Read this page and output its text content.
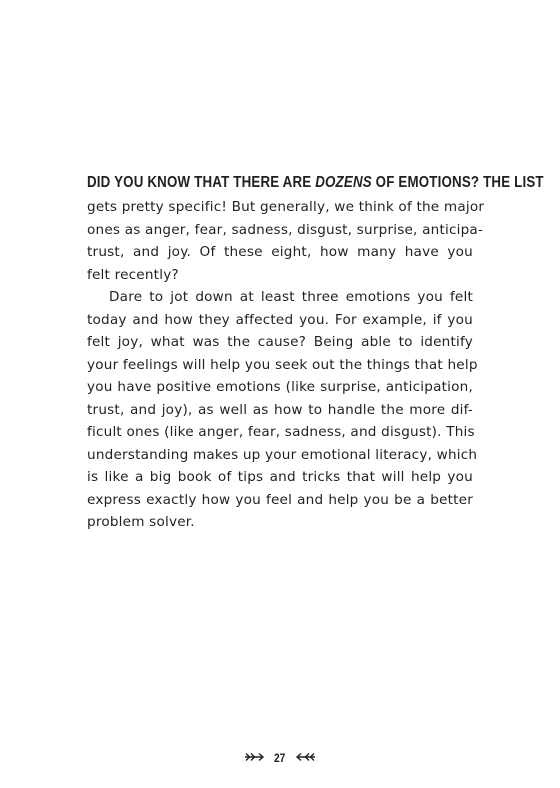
DID YOU KNOW THAT THERE ARE DOZENS OF EMOTIONS? THE LIST
gets pretty specific! But generally, we think of the major
ones as anger, fear, sadness, disgust, surprise, anticipa-
trust, and joy. Of these eight, how many have you
felt recently?
Dare to jot down at least three emotions you felt
today and how they affected you. For example, if you
felt joy, what was the cause? Being able to identify
your feelings will help you seek out the things that help
you have positive emotions (like surprise, anticipation,
trust, and joy), as well as how to handle the more dif-
ficult ones (like anger, fear, sadness, and disgust). This
understanding makes up your emotional literacy, which
is like a big book of tips and tricks that will help you
express exactly how you feel and help you be a better
problem solver.
27
